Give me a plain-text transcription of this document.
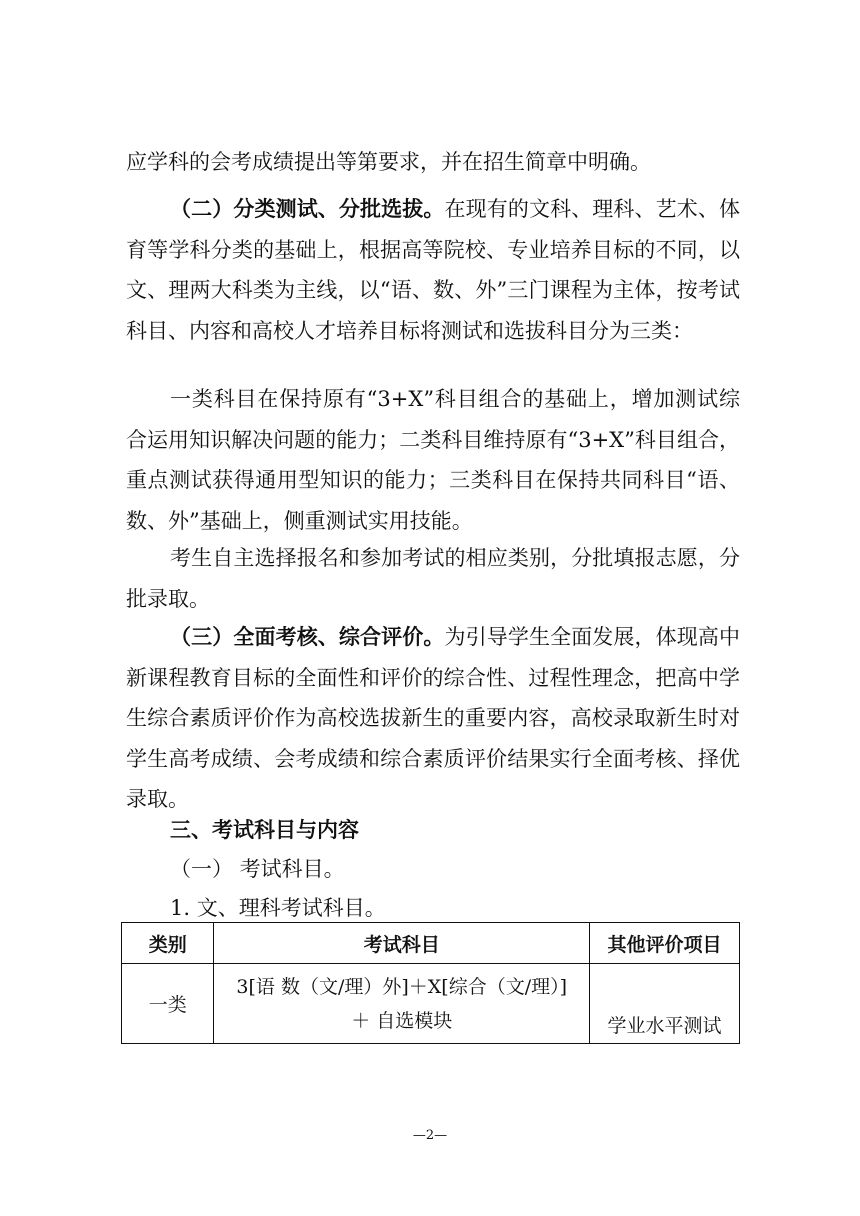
应学科的会考成绩提出等第要求，并在招生简章中明确。

（二）分类测试、分批选拔。在现有的文科、理科、艺术、体育等学科分类的基础上，根据高等院校、专业培养目标的不同，以文、理两大科类为主线，以“语、数、外”三门课程为主体，按考试科目、内容和高校人才培养目标将测试和选拔科目分为三类：

一类科目在保持原有“3+X”科目组合的基础上，增加测试综合运用知识解决问题的能力；二类科目维持原有“3+X”科目组合，重点测试获得通用型知识的能力；三类科目在保持共同科目“语、数、外”基础上，侧重测试实用技能。

考生自主选择报名和参加考试的相应类别，分批填报志愿，分批录取。

（三）全面考核、综合评价。为引导学生全面发展，体现高中新课程教育目标的全面性和评价的综合性、过程性理念，把高中学生综合素质评价作为高校选拔新生的重要内容，高校录取新生时对学生高考成绩、会考成绩和综合素质评价结果实行全面考核、择优录取。

三、考试科目与内容

（一） 考试科目。

1. 文、理科考试科目。

类别	考试科目	其他评价项目
一类	3[语 数（文/理）外]＋X[综合（文/理）]
＋ 自选模块	学业水平测试
—2—
